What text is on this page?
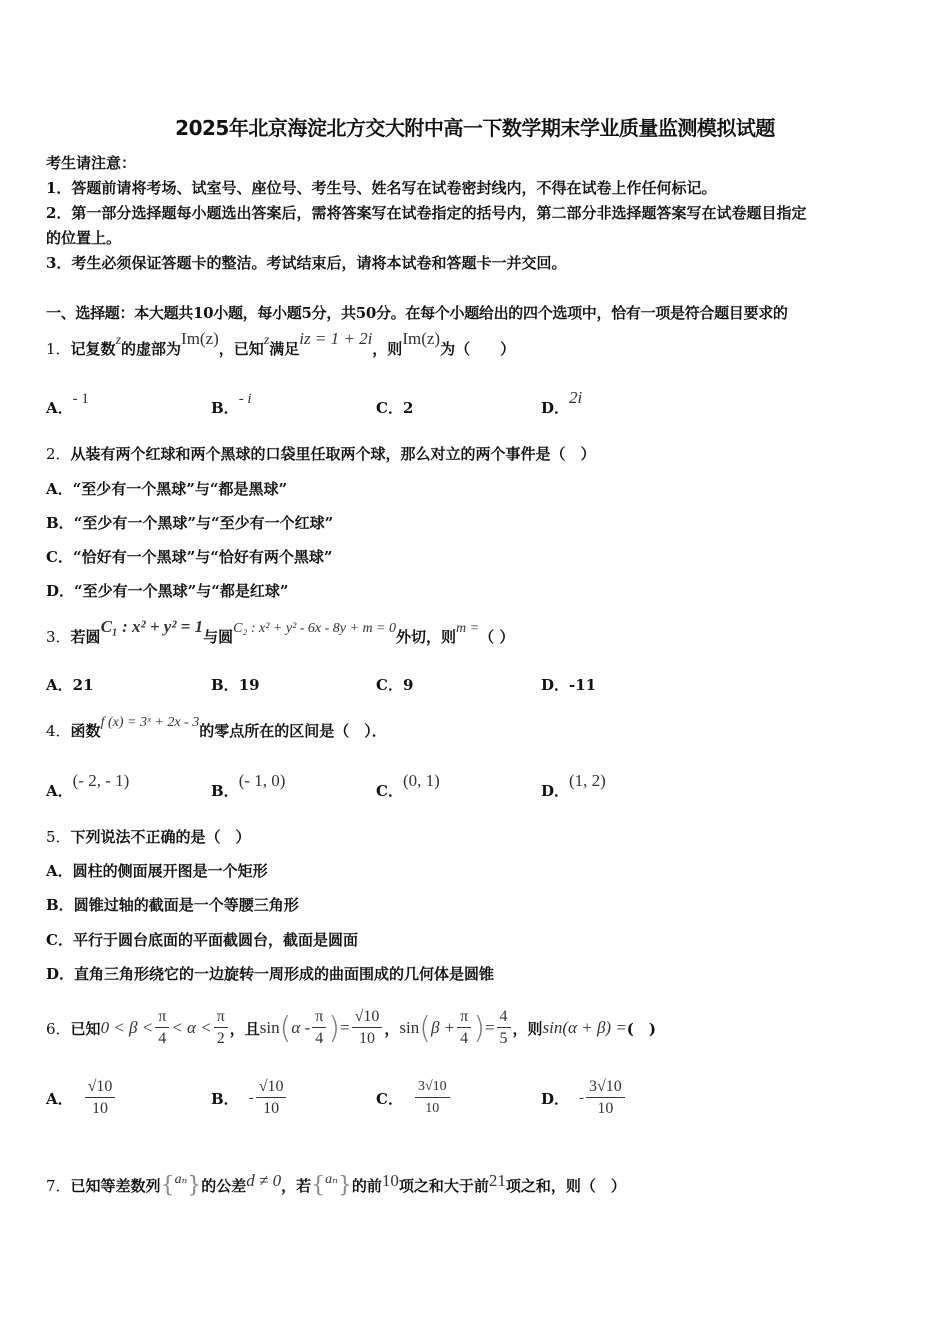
2025年北京海淀北方交大附中高一下数学期末学业质量监测模拟试题
考生请注意：
1．答题前请将考场、试室号、座位号、考生号、姓名写在试卷密封线内，不得在试卷上作任何标记。
2．第一部分选择题每小题选出答案后，需将答案写在试卷指定的括号内，第二部分非选择题答案写在试卷题目指定
的位置上。
3．考生必须保证答题卡的整洁。考试结束后，请将本试卷和答题卡一并交回。
一、选择题：本大题共10小题，每小题5分，共50分。在每个小题给出的四个选项中，恰有一项是符合题目要求的
1．记复数z的虚部为Im(z)，已知z满足iz = 1 + 2i，则Im(z)为（　　）
A．- 1	B．- i	C．2	D．2i
2．从装有两个红球和两个黑球的口袋里任取两个球，那么对立的两个事件是（　）
A．“至少有一个黑球”与“都是黑球”
B．“至少有一个黑球”与“至少有一个红球”
C．“恰好有一个黑球”与“恰好有两个黑球”
D．“至少有一个黑球”与“都是红球”
3．若圆C₁ : x² + y² = 1与圆C₂ : x² + y² - 6x - 8y + m = 0外切，则m =（ ）
A．21	B．19	C．9	D．-11
4．函数f (x) = 3ˣ + 2x - 3的零点所在的区间是（　）．
A．(- 2, - 1)
B．(- 1, 0)
C．(0, 1)
D．(1, 2)
5．下列说法不正确的是（　）
A．圆柱的侧面展开图是一个矩形
B．圆锥过轴的截面是一个等腰三角形
C．平行于圆台底面的平面截圆台，截面是圆面
D．直角三角形绕它的一边旋转一周形成的曲面围成的几何体是圆锥
6． 已知 $0 < \beta < \frac{\pi}{4} < \alpha < \frac{\pi}{2}$ ，且 sin ( α - $\frac{\pi}{4}$ ) = $\frac{√10}{10}$ ， sin ( $\beta + \frac{\pi}{4}$ ) = $\frac{4}{5}$ ，则 sin(α + β) = (　)
A． $\frac{√10}{10}$	B． - $\frac{√10}{10}$	C． $\frac{3√10}{10}$	D． - $\frac{3√10}{10}$
7． 已知等差数列 { aₙ } 的公差 d ≠ 0 ，若 { aₙ } 的前 10 项之和大于前 21 项之和，则（　）
